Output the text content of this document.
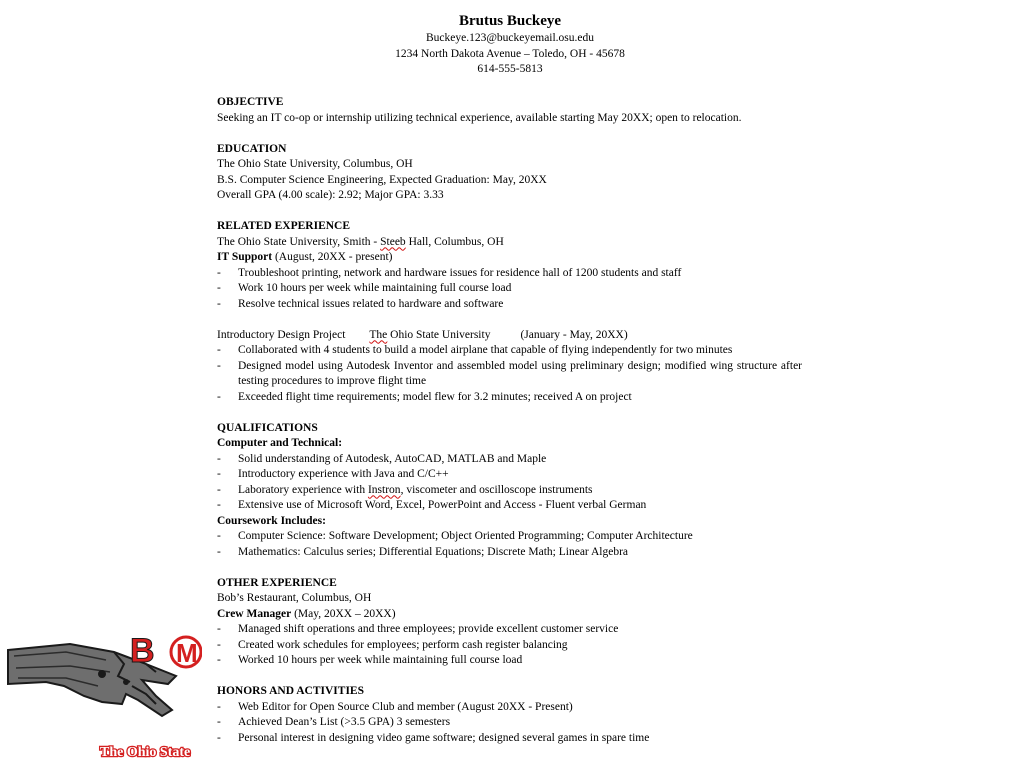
Brutus Buckeye
Buckeye.123@buckeyemail.osu.edu
1234 North Dakota Avenue – Toledo, OH - 45678
614-555-5813
OBJECTIVE
Seeking an IT co-op or internship utilizing technical experience, available starting May 20XX; open to relocation.
EDUCATION
The Ohio State University, Columbus, OH
B.S. Computer Science Engineering, Expected Graduation: May, 20XX
Overall GPA (4.00 scale): 2.92; Major GPA: 3.33
RELATED EXPERIENCE
The Ohio State University, Smith - Steeb Hall, Columbus, OH
IT Support (August, 20XX - present)
- Troubleshoot printing, network and hardware issues for residence hall of 1200 students and staff
- Work 10 hours per week while maintaining full course load
- Resolve technical issues related to hardware and software
Introductory Design Project The Ohio State University	(January - May, 20XX)
- Collaborated with 4 students to build a model airplane that capable of flying independently for two minutes
- Designed model using Autodesk Inventor and assembled model using preliminary design; modified wing structure after testing procedures to improve flight time
- Exceeded flight time requirements; model flew for 3.2 minutes; received A on project
QUALIFICATIONS
Computer and Technical:
- Solid understanding of Autodesk, AutoCAD, MATLAB and Maple
- Introductory experience with Java and C/C++
- Laboratory experience with Instron, viscometer and oscilloscope instruments
- Extensive use of Microsoft Word, Excel, PowerPoint and Access - Fluent verbal German
Coursework Includes:
- Computer Science: Software Development; Object Oriented Programming; Computer Architecture
- Mathematics: Calculus series; Differential Equations; Discrete Math; Linear Algebra
OTHER EXPERIENCE
Bob’s Restaurant, Columbus, OH
Crew Manager (May, 20XX – 20XX)
- Managed shift operations and three employees; provide excellent customer service
- Created work schedules for employees; perform cash register balancing
- Worked 10 hours per week while maintaining full course load
HONORS AND ACTIVITIES
- Web Editor for Open Source Club and member (August 20XX - Present)
- Achieved Dean’s List (>3.5 GPA) 3 semesters
- Personal interest in designing video game software; designed several games in spare time
B M
The Ohio State
